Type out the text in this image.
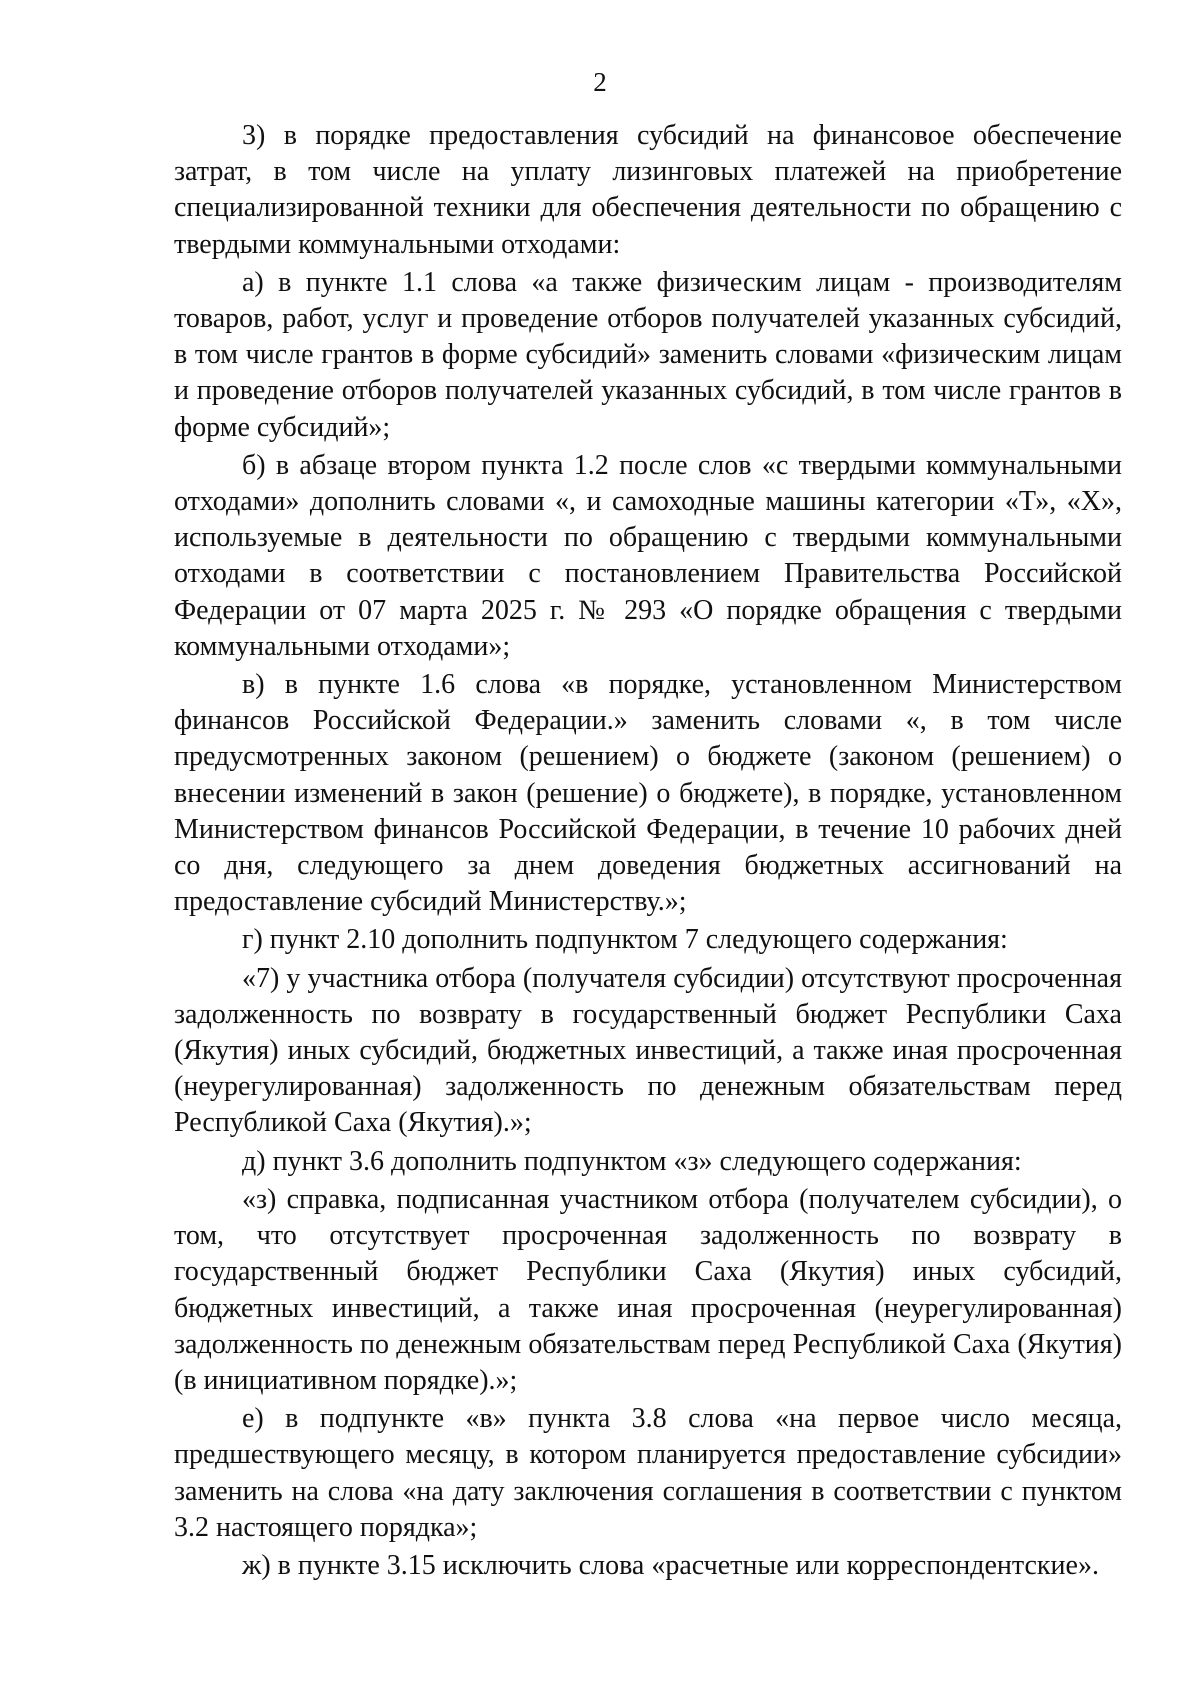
2

3) в порядке предоставления субсидий на финансовое обеспечение затрат, в том числе на уплату лизинговых платежей на приобретение специализированной техники для обеспечения деятельности по обращению с твердыми коммунальными отходами:

а) в пункте 1.1 слова «а также физическим лицам - производителям товаров, работ, услуг и проведение отборов получателей указанных субсидий, в том числе грантов в форме субсидий» заменить словами «физическим лицам и проведение отборов получателей указанных субсидий, в том числе грантов в форме субсидий»;

б) в абзаце втором пункта 1.2 после слов «с твердыми коммунальными отходами» дополнить словами «, и самоходные машины категории «Т», «Х», используемые в деятельности по обращению с твердыми коммунальными отходами в соответствии с постановлением Правительства Российской Федерации от 07 марта 2025 г. № 293 «О порядке обращения с твердыми коммунальными отходами»;

в) в пункте 1.6 слова «в порядке, установленном Министерством финансов Российской Федерации.» заменить словами «, в том числе предусмотренных законом (решением) о бюджете (законом (решением) о внесении изменений в закон (решение) о бюджете), в порядке, установленном Министерством финансов Российской Федерации, в течение 10 рабочих дней со дня, следующего за днем доведения бюджетных ассигнований на предоставление субсидий Министерству.»;

г) пункт 2.10 дополнить подпунктом 7 следующего содержания:

«7) у участника отбора (получателя субсидии) отсутствуют просроченная задолженность по возврату в государственный бюджет Республики Саха (Якутия) иных субсидий, бюджетных инвестиций, а также иная просроченная (неурегулированная) задолженность по денежным обязательствам перед Республикой Саха (Якутия).»;

д) пункт 3.6 дополнить подпунктом «з» следующего содержания:

«з) справка, подписанная участником отбора (получателем субсидии), о том, что отсутствует просроченная задолженность по возврату в государственный бюджет Республики Саха (Якутия) иных субсидий, бюджетных инвестиций, а также иная просроченная (неурегулированная) задолженность по денежным обязательствам перед Республикой Саха (Якутия) (в инициативном порядке).»;

е) в подпункте «в» пункта 3.8 слова «на первое число месяца, предшествующего месяцу, в котором планируется предоставление субсидии» заменить на слова «на дату заключения соглашения в соответствии с пунктом 3.2 настоящего порядка»;

ж) в пункте 3.15 исключить слова «расчетные или корреспондентские».
